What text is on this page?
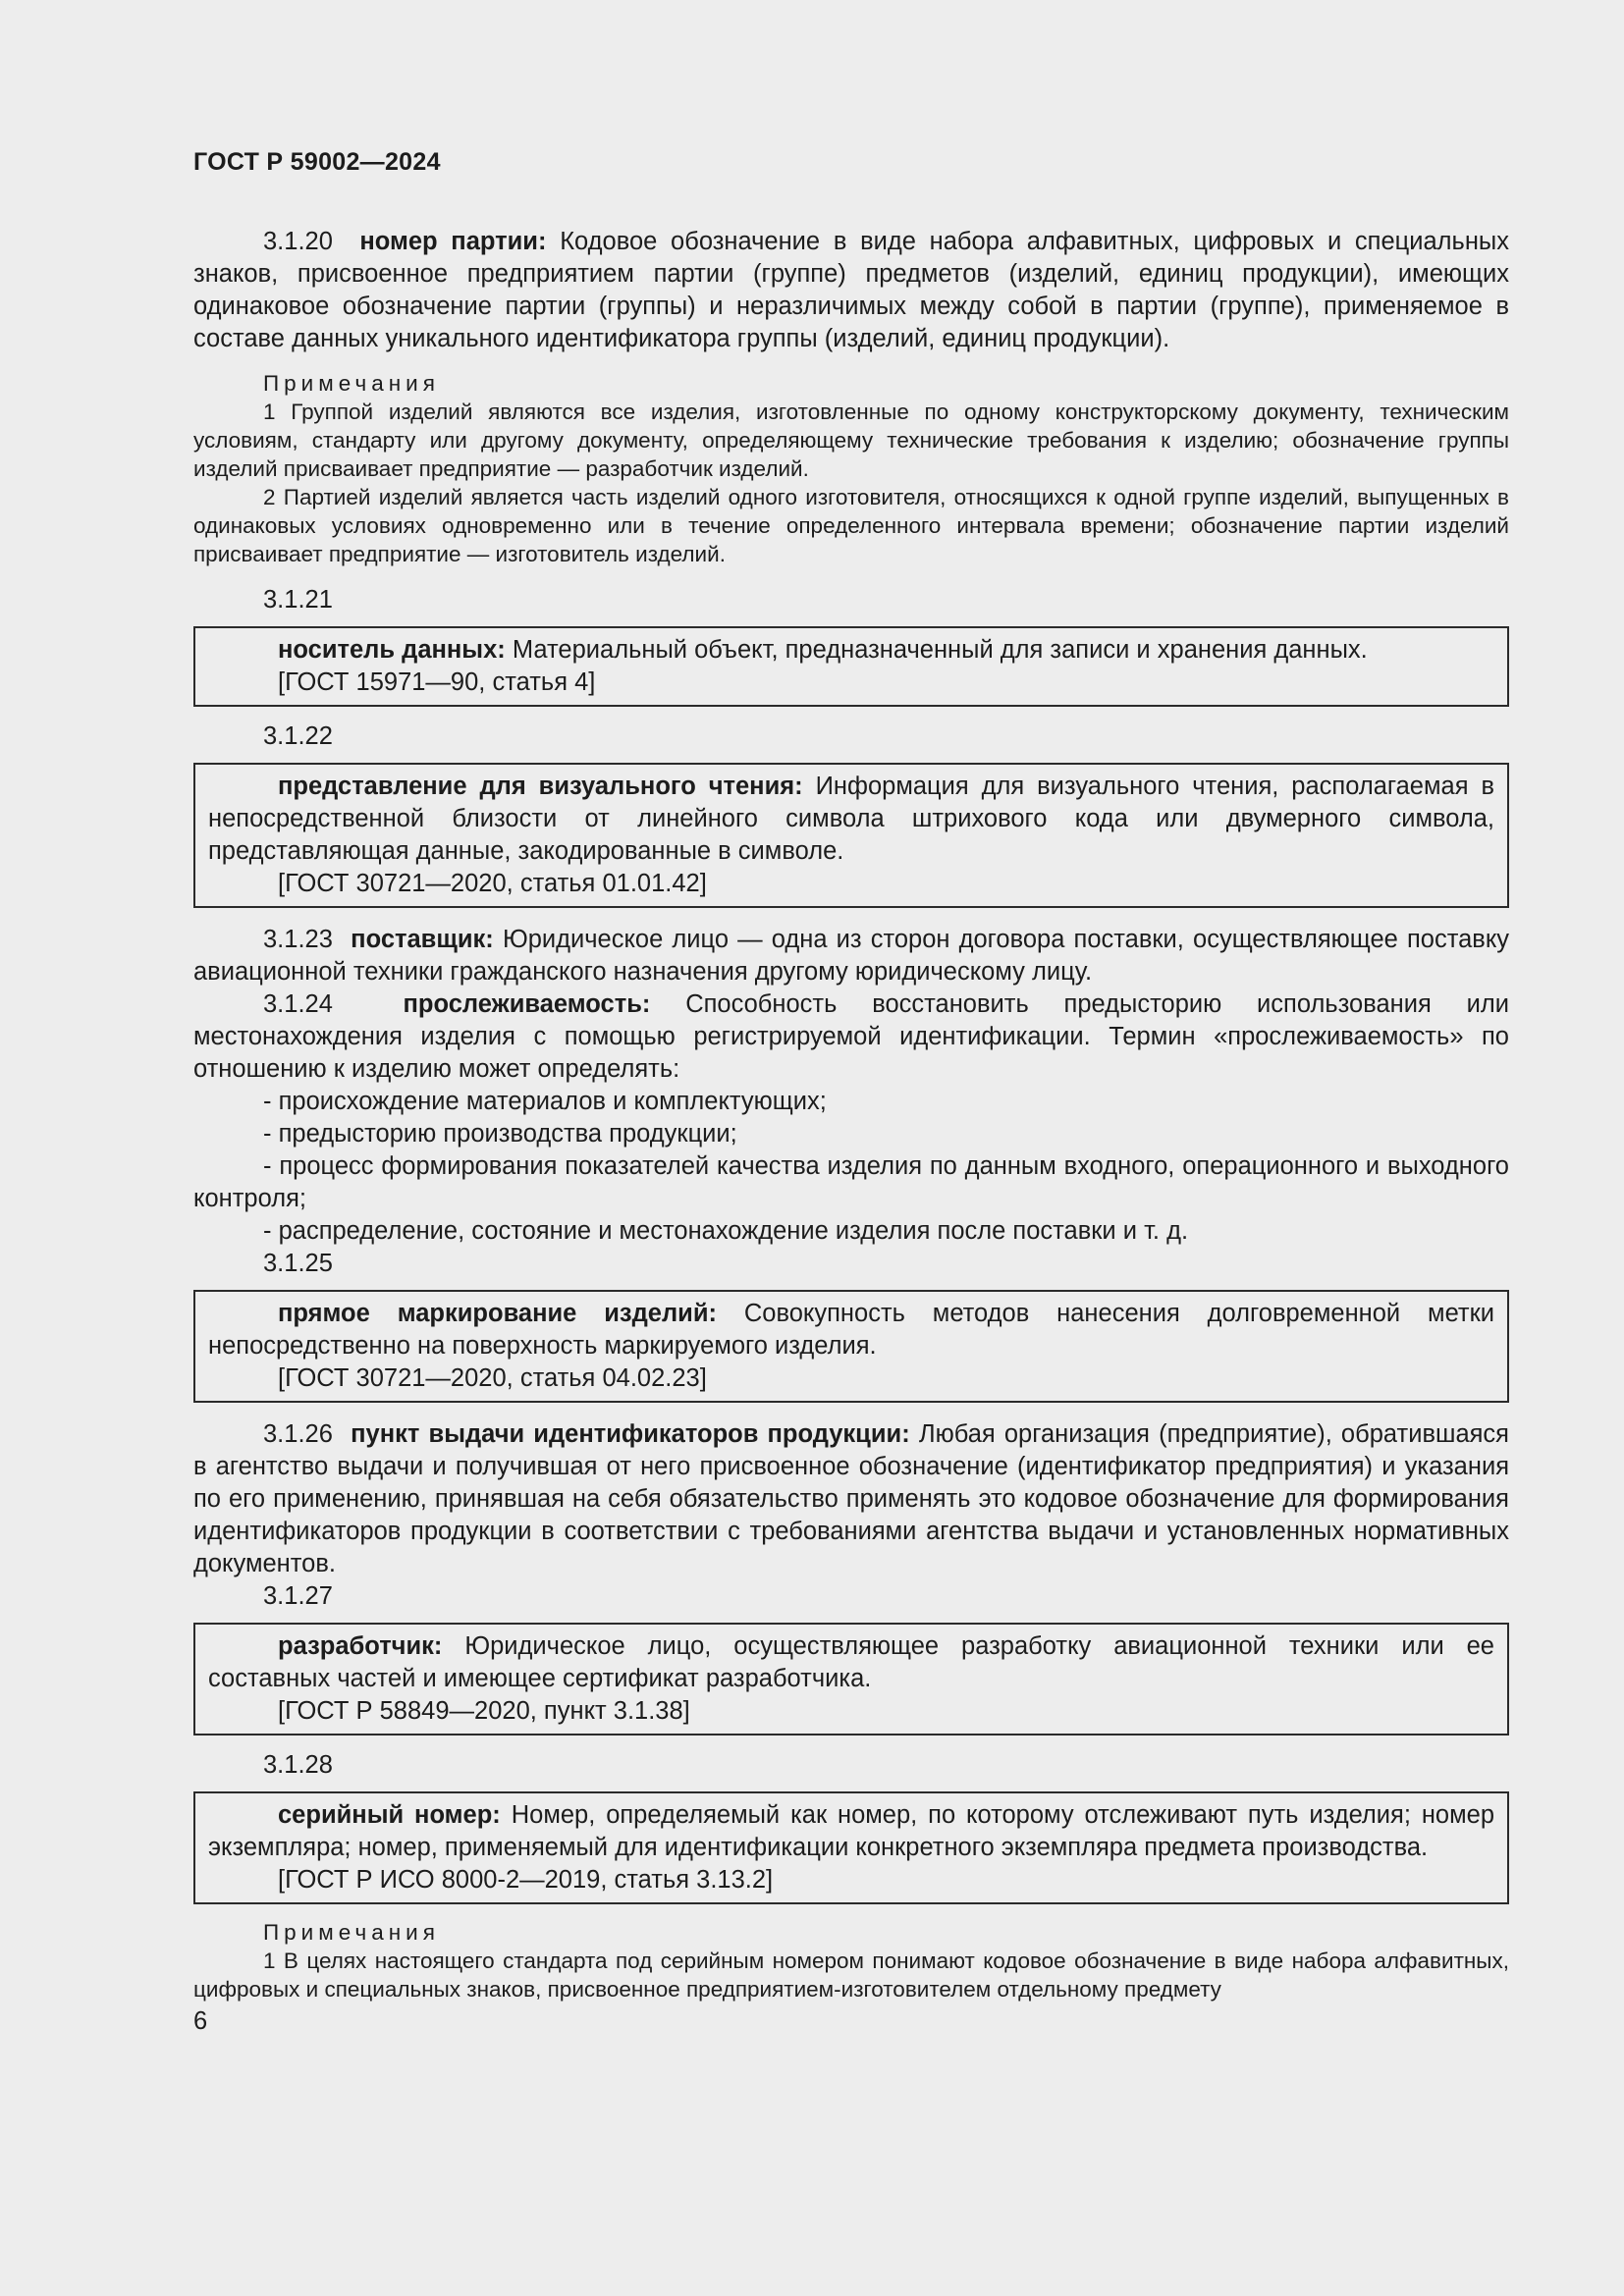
ГОСТ Р 59002—2024

3.1.20 номер партии: Кодовое обозначение в виде набора алфавитных, цифровых и специальных знаков, присвоенное предприятием партии (группе) предметов (изделий, единиц продукции), имеющих одинаковое обозначение партии (группы) и неразличимых между собой в партии (группе), применяемое в составе данных уникального идентификатора группы (изделий, единиц продукции).

Примечания

1 Группой изделий являются все изделия, изготовленные по одному конструкторскому документу, техническим условиям, стандарту или другому документу, определяющему технические требования к изделию; обозначение группы изделий присваивает предприятие — разработчик изделий.

2 Партией изделий является часть изделий одного изготовителя, относящихся к одной группе изделий, выпущенных в одинаковых условиях одновременно или в течение определенного интервала времени; обозначение партии изделий присваивает предприятие — изготовитель изделий.

3.1.21

носитель данных: Материальный объект, предназначенный для записи и хранения данных.

[ГОСТ 15971—90, статья 4]

3.1.22

представление для визуального чтения: Информация для визуального чтения, располагаемая в непосредственной близости от линейного символа штрихового кода или двумерного символа, представляющая данные, закодированные в символе.

[ГОСТ 30721—2020, статья 01.01.42]

3.1.23 поставщик: Юридическое лицо — одна из сторон договора поставки, осуществляющее поставку авиационной техники гражданского назначения другому юридическому лицу.

3.1.24	прослеживаемость: Способность восстановить предысторию использования или местонахождения изделия с помощью регистрируемой идентификации. Термин «прослеживаемость» по отношению к изделию может определять:

- происхождение материалов и комплектующих;

- предысторию производства продукции;

- процесс формирования показателей качества изделия по данным входного, операционного и выходного контроля;

- распределение, состояние и местонахождение изделия после поставки и т. д.

3.1.25

прямое маркирование изделий: Совокупность методов нанесения долговременной метки непосредственно на поверхность маркируемого изделия.

[ГОСТ 30721—2020, статья 04.02.23]

3.1.26 пункт выдачи идентификаторов продукции: Любая организация (предприятие), обратившаяся в агентство выдачи и получившая от него присвоенное обозначение (идентификатор предприятия) и указания по его применению, принявшая на себя обязательство применять это кодовое обозначение для формирования идентификаторов продукции в соответствии с требованиями агентства выдачи и установленных нормативных документов.

3.1.27

разработчик: Юридическое лицо, осуществляющее разработку авиационной техники или ее составных частей и имеющее сертификат разработчика.

[ГОСТ Р 58849—2020, пункт 3.1.38]

3.1.28

серийный номер: Номер, определяемый как номер, по которому отслеживают путь изделия; номер экземпляра; номер, применяемый для идентификации конкретного экземпляра предмета производства.

[ГОСТ Р ИСО 8000-2—2019, статья 3.13.2]

Примечания

1 В целях настоящего стандарта под серийным номером понимают кодовое обозначение в виде набора алфавитных, цифровых и специальных знаков, присвоенное предприятием-изготовителем отдельному предмету

6
